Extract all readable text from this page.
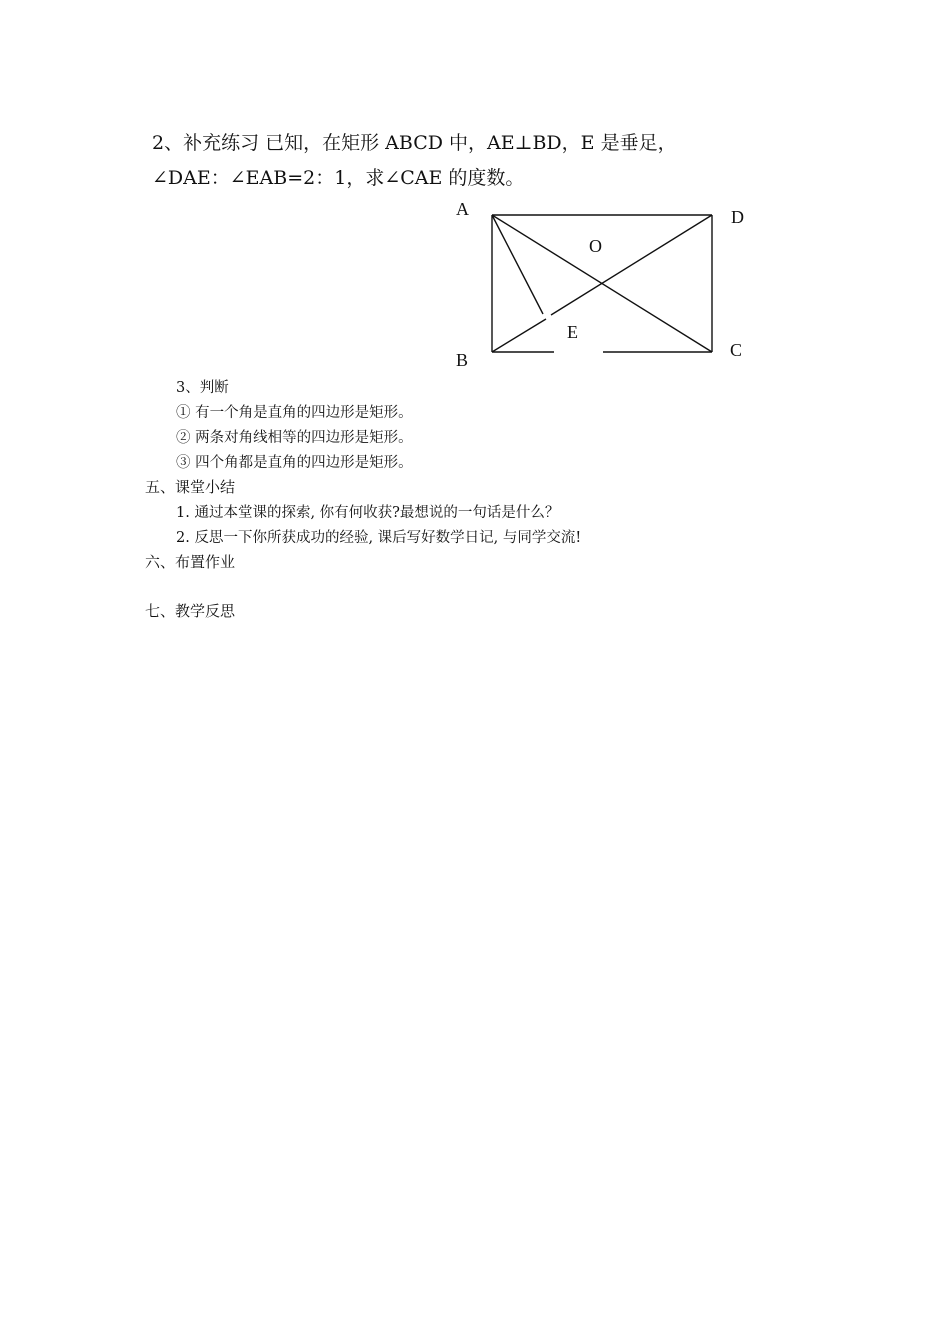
2、补充练习 已知，在矩形 ABCD 中，AE⊥BD，E 是垂足，
∠DAE：∠EAB=2：1，求∠CAE 的度数。
A	D
O
E
B	C
3、判断
① 有一个角是直角的四边形是矩形。
② 两条对角线相等的四边形是矩形。
③ 四个角都是直角的四边形是矩形。
五、课堂小结
1. 通过本堂课的探索, 你有何收获?最想说的一句话是什么？
2. 反思一下你所获成功的经验, 课后写好数学日记, 与同学交流!
六、布置作业
七、教学反思
